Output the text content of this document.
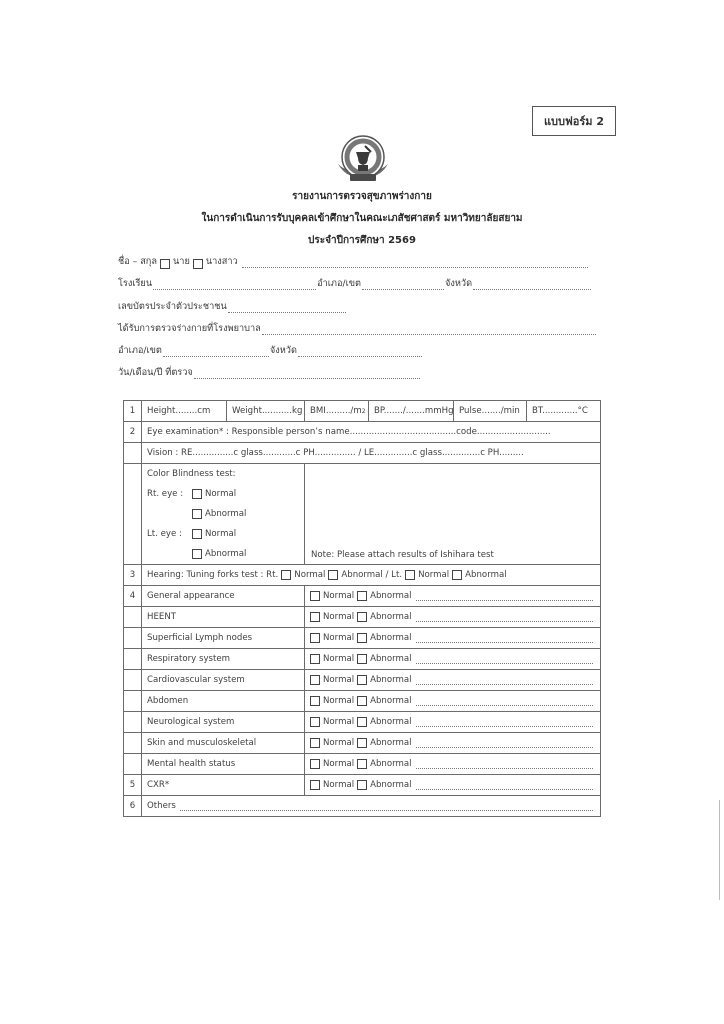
แบบฟอร์ม 2
รายงานการตรวจสุขภาพร่างกาย
ในการดำเนินการรับบุคคลเข้าศึกษาในคณะเภสัชศาสตร์ มหาวิทยาลัยสยาม
ประจำปีการศึกษา 2569
ชื่อ – สกุล นาย นางสาว
โรงเรียน	อำเภอ/เขต	จังหวัด
เลขบัตรประจำตัวประชาชน
ได้รับการตรวจร่างกายที่โรงพยาบาล
อำเภอ/เขต	จังหวัด
วัน/เดือน/ปี ที่ตรวจ
1	Height........cm	Weight...........kg BMI........./m 2 BP......./.......mmHg Pulse......./min BT.............°C

2	Eye examination* : Responsible person’s name.......................................code...........................	
	Vision : RE...............c glass............c PH............... / LE..............c glass..............c PH.........	

Color Blindness test:
Rt. eye :	Normal
Abnormal
Lt. eye :	Normal
Abnormal	Note: Please attach results of Ishihara test

3	Hearing: Tuning forks test : Rt. Normal Abnormal / Lt. Normal Abnormal	

4	General appearance	Normal Abnormal

	HEENT	Normal Abnormal

	Superficial Lymph nodes	Normal Abnormal

	Respiratory system	Normal Abnormal

	Cardiovascular system	Normal Abnormal

	Abdomen	Normal Abnormal

	Neurological system	Normal Abnormal

	Skin and musculoskeletal	Normal Abnormal

	Mental health status	Normal Abnormal

5	CXR*	Normal Abnormal

6	Others	
